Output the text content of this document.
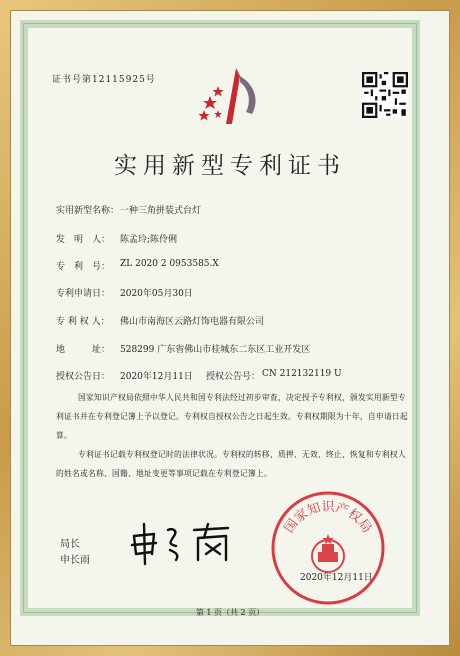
证书号第12115925号
实用新型专利证书
实用新型名称： 一种三角拼装式台灯
发　明　人： 陈孟玲;陈伶俐
专　利　号： ZL 2020 2 0953585.X
专利申请日： 2020年05月30日
专 利 权 人： 佛山市南海区云路灯饰电器有限公司
地　　　址： 528299 广东省佛山市桂城东二东区工业开发区
授权公告日： 2020年12月11日 授权公告号： CN 212132119 U
国家知识产权局依照中华人民共和国专利法经过初步审查，决定授予专利权，颁发实用新型专利证书并在专利登记簿上予以登记。专利权自授权公告之日起生效。专利权期限为十年，自申请日起算。
专利证书记载专利权登记时的法律状况。专利权的转移、质押、无效、终止、恢复和专利权人的姓名或名称、国籍、地址变更等事项记载在专利登记簿上。
局长
申长雨
国家知识产权局
2020年12月11日
第 1 页（共 2 页）
